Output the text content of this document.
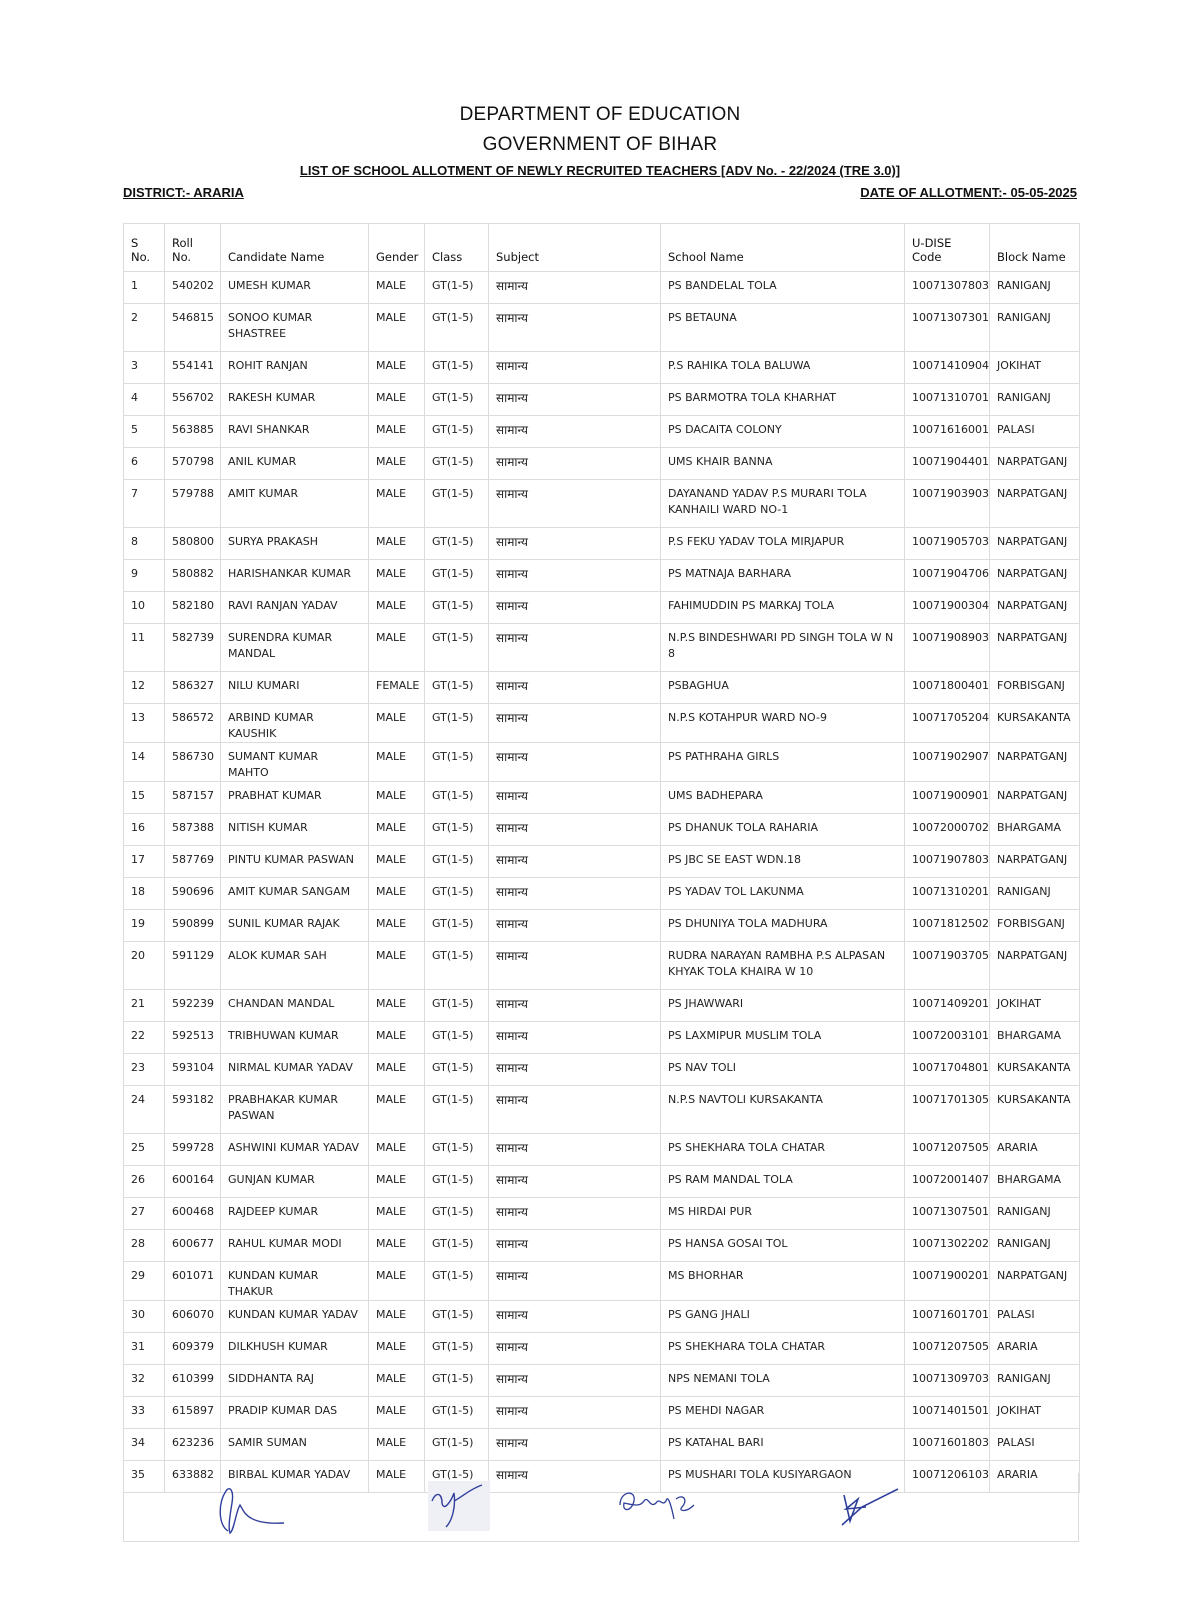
DEPARTMENT OF EDUCATION
GOVERNMENT OF BIHAR
LIST OF SCHOOL ALLOTMENT OF NEWLY RECRUITED TEACHERS [ADV No. - 22/2024 (TRE 3.0)]
DISTRICT:- ARARIA	DATE OF ALLOTMENT:- 05-05-2025
S No.	Roll No.	Candidate Name	Gender	Class	Subject	School Name	U-DISE Code	Block Name
1	540202	UMESH KUMAR	MALE	GT(1-5)	सामान्य	PS BANDELAL TOLA	10071307803	RANIGANJ
2	546815	SONOO KUMAR SHASTREE	MALE	GT(1-5)	सामान्य	PS BETAUNA	10071307301	RANIGANJ
3	554141	ROHIT RANJAN	MALE	GT(1-5)	सामान्य	P.S RAHIKA TOLA BALUWA	10071410904	JOKIHAT
4	556702	RAKESH KUMAR	MALE	GT(1-5)	सामान्य	PS BARMOTRA TOLA KHARHAT	10071310701	RANIGANJ
5	563885	RAVI SHANKAR	MALE	GT(1-5)	सामान्य	PS DACAITA COLONY	10071616001	PALASI
6	570798	ANIL KUMAR	MALE	GT(1-5)	सामान्य	UMS KHAIR BANNA	10071904401	NARPATGANJ
7	579788	AMIT KUMAR	MALE	GT(1-5)	सामान्य	DAYANAND YADAV P.S MURARI TOLA KANHAILI WARD NO-1	10071903903	NARPATGANJ
8	580800	SURYA PRAKASH	MALE	GT(1-5)	सामान्य	P.S FEKU YADAV TOLA MIRJAPUR	10071905703	NARPATGANJ
9	580882	HARISHANKAR KUMAR	MALE	GT(1-5)	सामान्य	PS MATNAJA BARHARA	10071904706	NARPATGANJ
10	582180	RAVI RANJAN YADAV	MALE	GT(1-5)	सामान्य	FAHIMUDDIN PS MARKAJ TOLA	10071900304	NARPATGANJ
11	582739	SURENDRA KUMAR MANDAL	MALE	GT(1-5)	सामान्य	N.P.S BINDESHWARI PD SINGH TOLA W N 8	10071908903	NARPATGANJ
12	586327	NILU KUMARI	FEMALE	GT(1-5)	सामान्य	PSBAGHUA	10071800401	FORBISGANJ
13	586572	ARBIND KUMAR KAUSHIK	MALE	GT(1-5)	सामान्य	N.P.S KOTAHPUR WARD NO-9	10071705204	KURSAKANTA
14	586730	SUMANT KUMAR MAHTO	MALE	GT(1-5)	सामान्य	PS PATHRAHA GIRLS	10071902907	NARPATGANJ
15	587157	PRABHAT KUMAR	MALE	GT(1-5)	सामान्य	UMS BADHEPARA	10071900901	NARPATGANJ
16	587388	NITISH KUMAR	MALE	GT(1-5)	सामान्य	PS DHANUK TOLA RAHARIA	10072000702	BHARGAMA
17	587769	PINTU KUMAR PASWAN	MALE	GT(1-5)	सामान्य	PS JBC SE EAST WDN.18	10071907803	NARPATGANJ
18	590696	AMIT KUMAR SANGAM	MALE	GT(1-5)	सामान्य	PS YADAV TOL LAKUNMA	10071310201	RANIGANJ
19	590899	SUNIL KUMAR RAJAK	MALE	GT(1-5)	सामान्य	PS DHUNIYA TOLA MADHURA	10071812502	FORBISGANJ
20	591129	ALOK KUMAR SAH	MALE	GT(1-5)	सामान्य	RUDRA NARAYAN RAMBHA P.S ALPASAN KHYAK TOLA KHAIRA W 10	10071903705	NARPATGANJ
21	592239	CHANDAN MANDAL	MALE	GT(1-5)	सामान्य	PS JHAWWARI	10071409201	JOKIHAT
22	592513	TRIBHUWAN KUMAR	MALE	GT(1-5)	सामान्य	PS LAXMIPUR MUSLIM TOLA	10072003101	BHARGAMA
23	593104	NIRMAL KUMAR YADAV	MALE	GT(1-5)	सामान्य	PS NAV TOLI	10071704801	KURSAKANTA
24	593182	PRABHAKAR KUMAR PASWAN	MALE	GT(1-5)	सामान्य	N.P.S NAVTOLI KURSAKANTA	10071701305	KURSAKANTA
25	599728	ASHWINI KUMAR YADAV	MALE	GT(1-5)	सामान्य	PS SHEKHARA TOLA CHATAR	10071207505	ARARIA
26	600164	GUNJAN KUMAR	MALE	GT(1-5)	सामान्य	PS RAM MANDAL TOLA	10072001407	BHARGAMA
27	600468	RAJDEEP KUMAR	MALE	GT(1-5)	सामान्य	MS HIRDAI PUR	10071307501	RANIGANJ
28	600677	RAHUL KUMAR MODI	MALE	GT(1-5)	सामान्य	PS HANSA GOSAI TOL	10071302202	RANIGANJ
29	601071	KUNDAN KUMAR THAKUR	MALE	GT(1-5)	सामान्य	MS BHORHAR	10071900201	NARPATGANJ
30	606070	KUNDAN KUMAR YADAV	MALE	GT(1-5)	सामान्य	PS GANG JHALI	10071601701	PALASI
31	609379	DILKHUSH KUMAR	MALE	GT(1-5)	सामान्य	PS SHEKHARA TOLA CHATAR	10071207505	ARARIA
32	610399	SIDDHANTA RAJ	MALE	GT(1-5)	सामान्य	NPS NEMANI TOLA	10071309703	RANIGANJ
33	615897	PRADIP KUMAR DAS	MALE	GT(1-5)	सामान्य	PS MEHDI NAGAR	10071401501	JOKIHAT
34	623236	SAMIR SUMAN	MALE	GT(1-5)	सामान्य	PS KATAHAL BARI	10071601803	PALASI
35	633882	BIRBAL KUMAR YADAV	MALE	GT(1-5)	सामान्य	PS MUSHARI TOLA KUSIYARGAON	10071206103	ARARIA
